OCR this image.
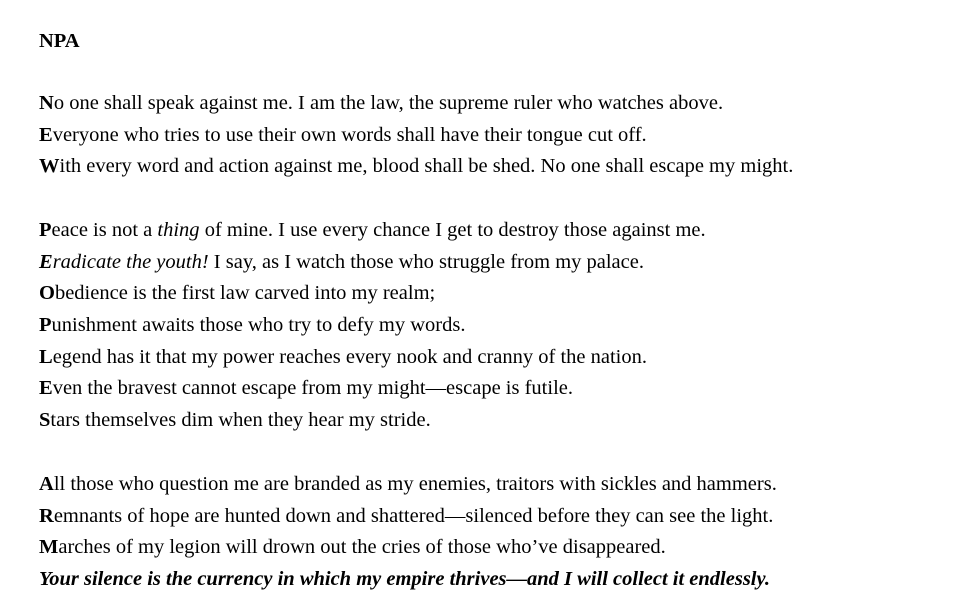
NPA

No one shall speak against me. I am the law, the supreme ruler who watches above.
Everyone who tries to use their own words shall have their tongue cut off.
With every word and action against me, blood shall be shed. No one shall escape my might.
Peace is not a thing of mine. I use every chance I get to destroy those against me.
Eradicate the youth! I say, as I watch those who struggle from my palace.
Obedience is the first law carved into my realm;
Punishment awaits those who try to defy my words.
Legend has it that my power reaches every nook and cranny of the nation.
Even the bravest cannot escape from my might—escape is futile.
Stars themselves dim when they hear my stride.
All those who question me are branded as my enemies, traitors with sickles and hammers.
Remnants of hope are hunted down and shattered—silenced before they can see the light.
Marches of my legion will drown out the cries of those who’ve disappeared.
Your silence is the currency in which my empire thrives—and I will collect it endlessly.
